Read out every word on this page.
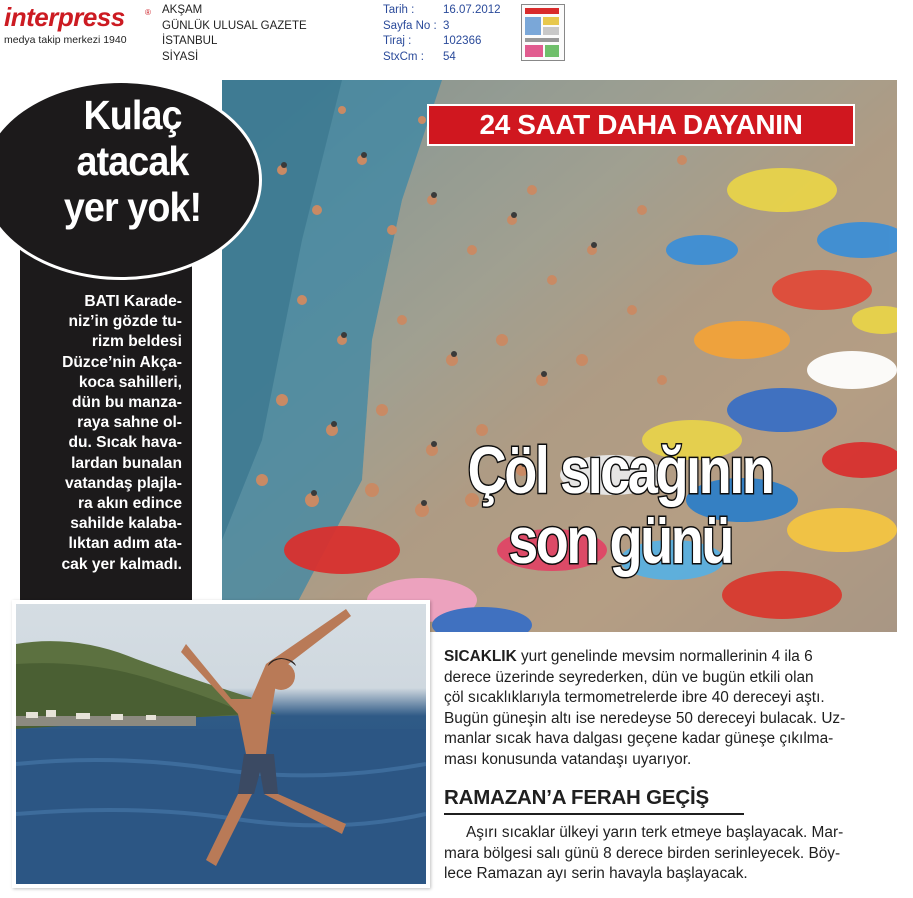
interpress	®
medya takip merkezi 1940
AKŞAM
GÜNLÜK ULUSAL GAZETE
İSTANBUL
SİYASİ
Tarih :	16.07.2012
Sayfa No : 3
Tiraj :	102366
StxCm :	54
24 SAAT DAHA DAYANIN
Çöl sıcağının
son günü
Kulaç
atacak
yer yok!
BATI Karade-
niz’in gözde tu-
rizm beldesi
Düzce’nin Akça-
koca sahilleri,
dün bu manza-
raya sahne ol-
du. Sıcak hava-
lardan bunalan
vatandaş plajla-
ra akın edince
sahilde kalaba-
lıktan adım ata-
cak yer kalmadı.
SICAKLIK yurt genelinde mevsim normallerinin 4 ila 6
derece üzerinde seyrederken, dün ve bugün etkili olan
çöl sıcaklıklarıyla termometrelerde ibre 40 dereceyi aştı.
Bugün güneşin altı ise neredeyse 50 dereceyi bulacak. Uz-
manlar sıcak hava dalgası geçene kadar güneşe çıkılma-
ması konusunda vatandaşı uyarıyor.
RAMAZAN’A FERAH GEÇİŞ
Aşırı sıcaklar ülkeyi yarın terk etmeye başlayacak. Mar-
mara bölgesi salı günü 8 derece birden serinleyecek. Böy-
lece Ramazan ayı serin havayla başlayacak.
